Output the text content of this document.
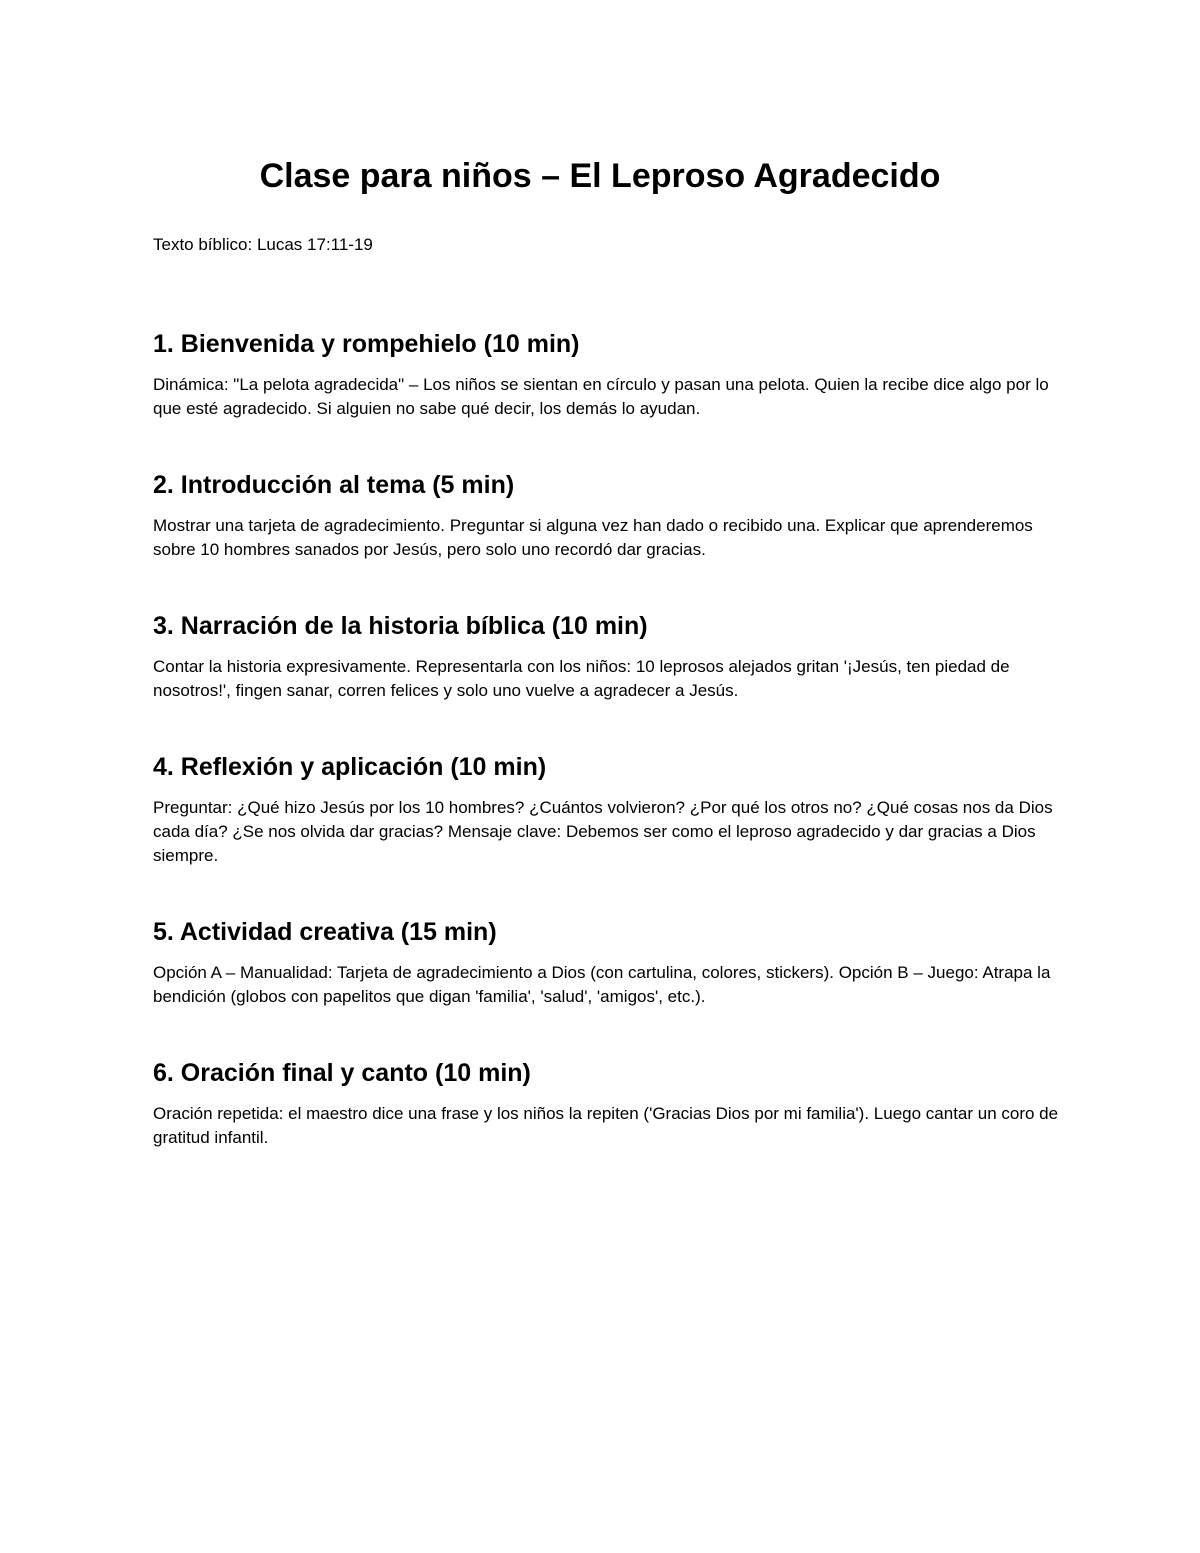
Clase para niños – El Leproso Agradecido

Texto bíblico: Lucas 17:11-19

1. Bienvenida y rompehielo (10 min)

Dinámica: "La pelota agradecida" – Los niños se sientan en círculo y pasan una pelota. Quien la recibe dice algo por lo que esté agradecido. Si alguien no sabe qué decir, los demás lo ayudan.

2. Introducción al tema (5 min)

Mostrar una tarjeta de agradecimiento. Preguntar si alguna vez han dado o recibido una. Explicar que aprenderemos sobre 10 hombres sanados por Jesús, pero solo uno recordó dar gracias.

3. Narración de la historia bíblica (10 min)

Contar la historia expresivamente. Representarla con los niños: 10 leprosos alejados gritan '¡Jesús, ten piedad de nosotros!', fingen sanar, corren felices y solo uno vuelve a agradecer a Jesús.

4. Reflexión y aplicación (10 min)

Preguntar: ¿Qué hizo Jesús por los 10 hombres? ¿Cuántos volvieron? ¿Por qué los otros no? ¿Qué cosas nos da Dios cada día? ¿Se nos olvida dar gracias? Mensaje clave: Debemos ser como el leproso agradecido y dar gracias a Dios siempre.

5. Actividad creativa (15 min)

Opción A – Manualidad: Tarjeta de agradecimiento a Dios (con cartulina, colores, stickers). Opción B – Juego: Atrapa la bendición (globos con papelitos que digan 'familia', 'salud', 'amigos', etc.).

6. Oración final y canto (10 min)

Oración repetida: el maestro dice una frase y los niños la repiten ('Gracias Dios por mi familia'). Luego cantar un coro de gratitud infantil.
